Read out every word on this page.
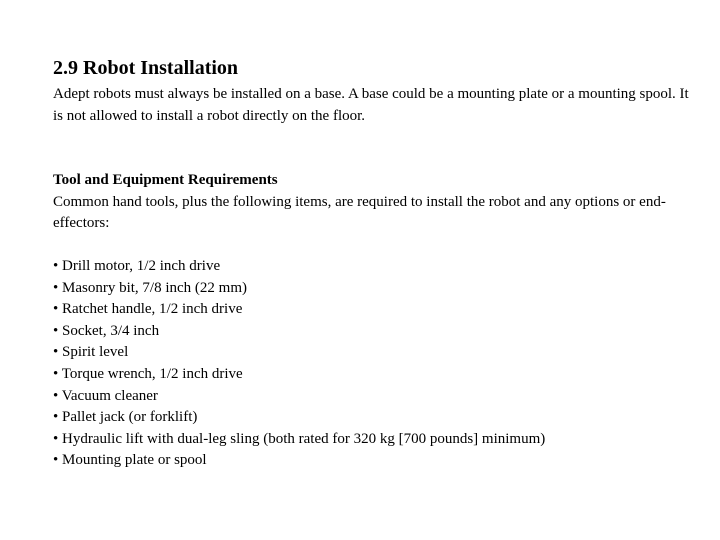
2.9 Robot Installation

Adept robots must always be installed on a base. A base could be a mounting plate or a mounting spool. It is not allowed to install a robot directly on the floor.

Tool and Equipment Requirements

Common hand tools, plus the following items, are required to install the robot and any options or end-effectors:

• Drill motor, 1/2 inch drive
• Masonry bit, 7/8 inch (22 mm)
• Ratchet handle, 1/2 inch drive
• Socket, 3/4 inch
• Spirit level
• Torque wrench, 1/2 inch drive
• Vacuum cleaner
• Pallet jack (or forklift)
• Hydraulic lift with dual-leg sling (both rated for 320 kg [700 pounds] minimum)
• Mounting plate or spool
